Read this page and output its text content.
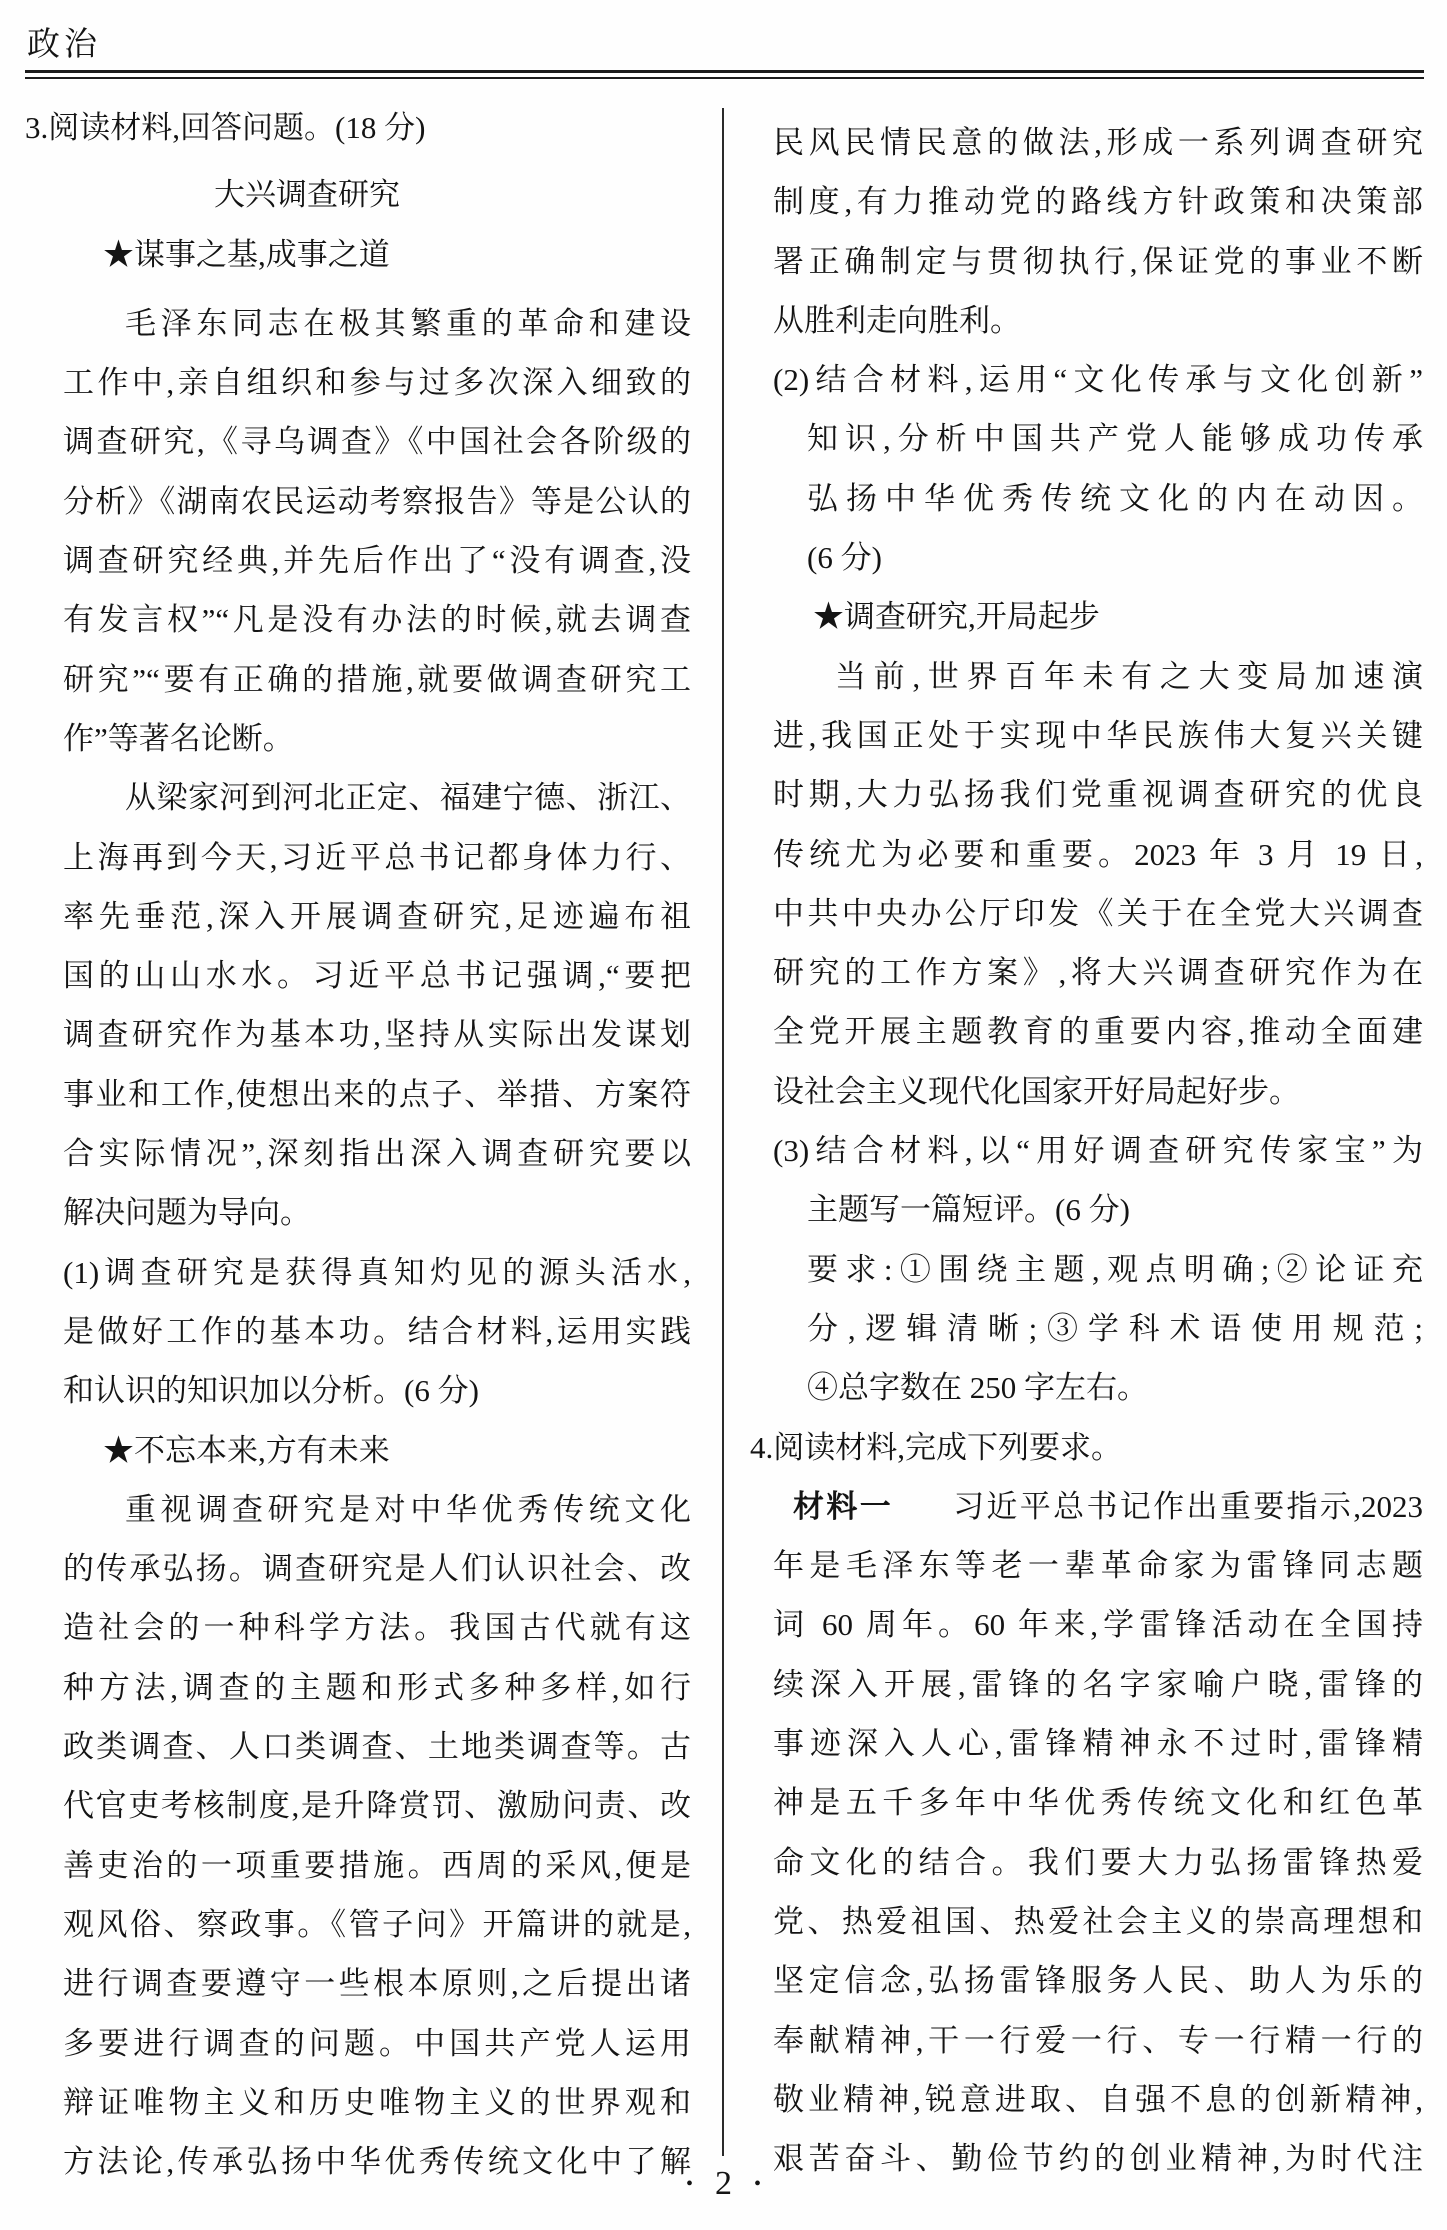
政治
3.阅读材料,回答问题。(18 分)
大兴调查研究
★谋事之基,成事之道
毛泽东同志在极其繁重的革命和建设
工作中,亲自组织和参与过多次深入细致的
调查研究,《寻乌调查》《中国社会各阶级的
分析》《湖南农民运动考察报告》等是公认的
调查研究经典,并先后作出了“没有调查,没
有发言权”“凡是没有办法的时候,就去调查
研究”“要有正确的措施,就要做调查研究工
作”等著名论断。
从梁家河到河北正定、福建宁德、浙江、
上海再到今天,习近平总书记都身体力行、
率先垂范,深入开展调查研究,足迹遍布祖
国的山山水水。习近平总书记强调,“要把
调查研究作为基本功,坚持从实际出发谋划
事业和工作,使想出来的点子、举措、方案符
合实际情况”,深刻指出深入调查研究要以
解决问题为导向。
(1)调查研究是获得真知灼见的源头活水,
是做好工作的基本功。结合材料,运用实践
和认识的知识加以分析。(6 分)
★不忘本来,方有未来
重视调查研究是对中华优秀传统文化
的传承弘扬。调查研究是人们认识社会、改
造社会的一种科学方法。我国古代就有这
种方法,调查的主题和形式多种多样,如行
政类调查、人口类调查、土地类调查等。古
代官吏考核制度,是升降赏罚、激励问责、改
善吏治的一项重要措施。西周的采风,便是
观风俗、察政事。《管子问》开篇讲的就是,
进行调查要遵守一些根本原则,之后提出诸
多要进行调查的问题。中国共产党人运用
辩证唯物主义和历史唯物主义的世界观和
方法论,传承弘扬中华优秀传统文化中了解
民风民情民意的做法,形成一系列调查研究
制度,有力推动党的路线方针政策和决策部
署正确制定与贯彻执行,保证党的事业不断
从胜利走向胜利。
(2)结合材料,运用“文化传承与文化创新”
知识,分析中国共产党人能够成功传承
弘扬中华优秀传统文化的内在动因。
(6 分)
★调查研究,开局起步
当前,世界百年未有之大变局加速演
进,我国正处于实现中华民族伟大复兴关键
时期,大力弘扬我们党重视调查研究的优良
传统尤为必要和重要。2023 年 3 月 19 日,
中共中央办公厅印发《关于在全党大兴调查
研究的工作方案》,将大兴调查研究作为在
全党开展主题教育的重要内容,推动全面建
设社会主义现代化国家开好局起好步。
(3)结合材料,以“用好调查研究传家宝”为
主题写一篇短评。(6 分)
要求:①围绕主题,观点明确;②论证充
分,逻辑清晰;③学科术语使用规范;
④总字数在 250 字左右。
4.阅读材料,完成下列要求。
材料一 习近平总书记作出重要指示,2023
年是毛泽东等老一辈革命家为雷锋同志题
词 60 周年。60 年来,学雷锋活动在全国持
续深入开展,雷锋的名字家喻户晓,雷锋的
事迹深入人心,雷锋精神永不过时,雷锋精
神是五千多年中华优秀传统文化和红色革
命文化的结合。我们要大力弘扬雷锋热爱
党、热爱祖国、热爱社会主义的崇高理想和
坚定信念,弘扬雷锋服务人民、助人为乐的
奉献精神,干一行爱一行、专一行精一行的
敬业精神,锐意进取、自强不息的创新精神,
艰苦奋斗、勤俭节约的创业精神,为时代注
• 2 •
